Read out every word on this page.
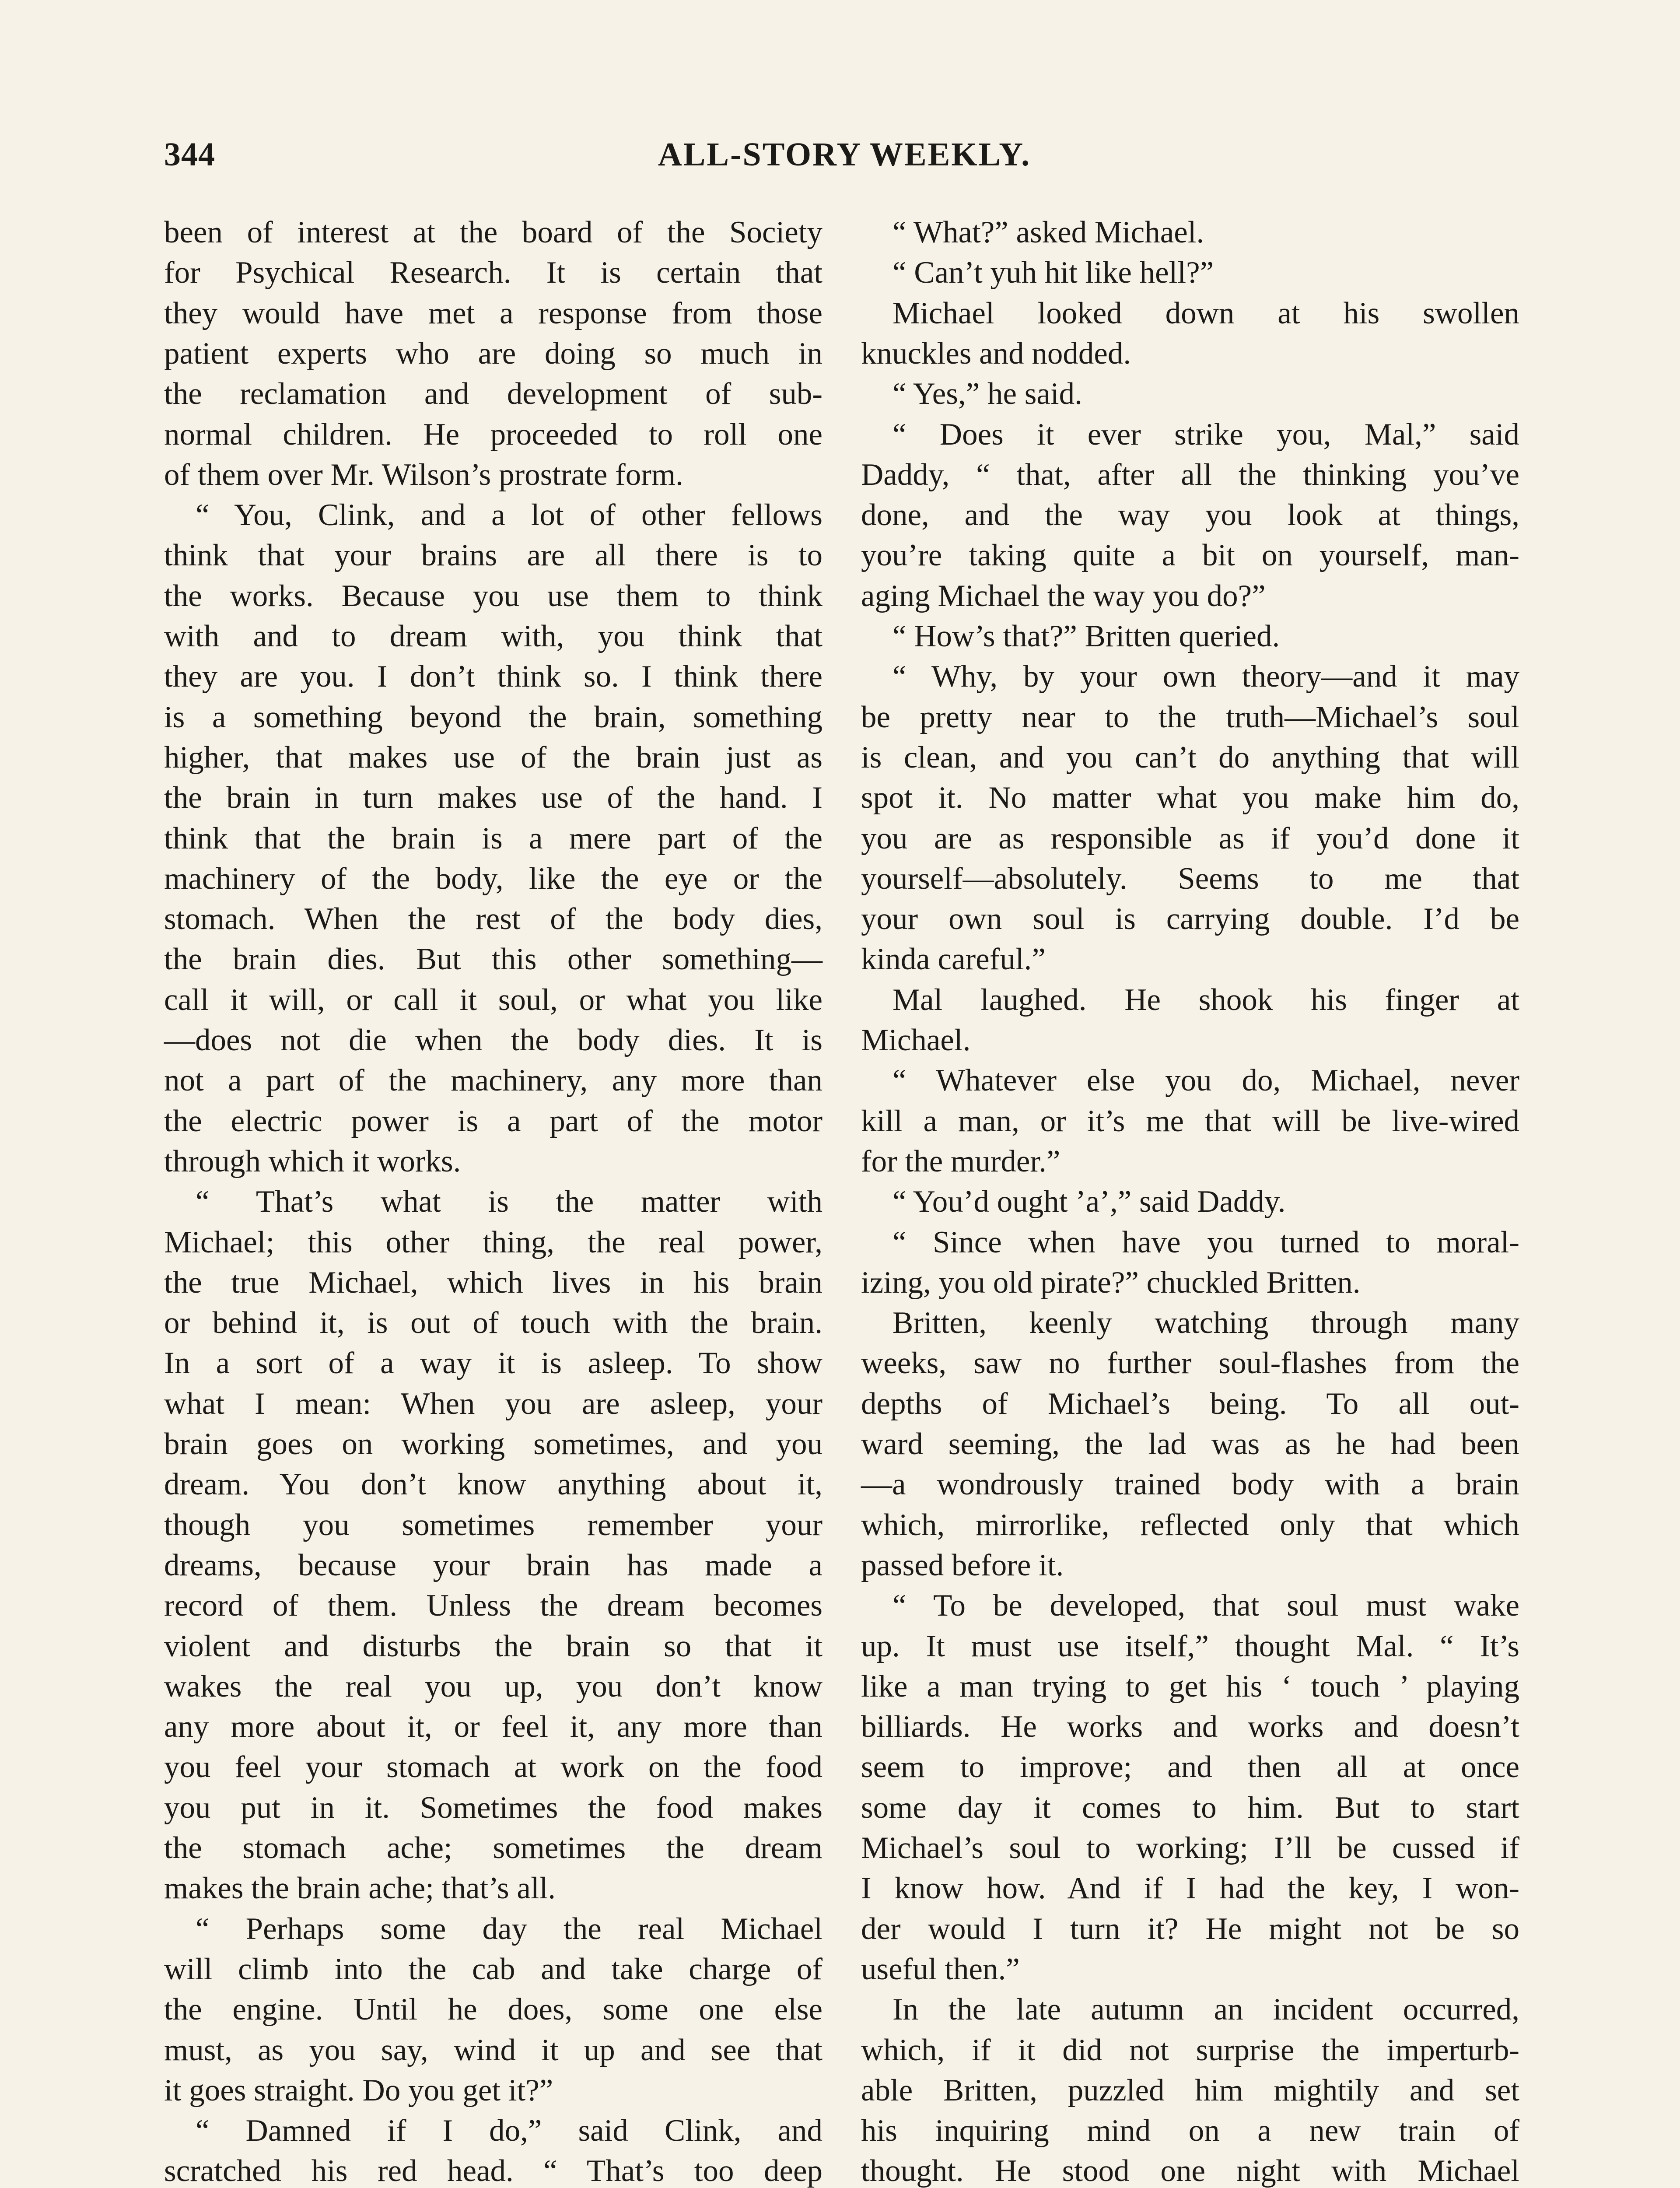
344	ALL-STORY WEEKLY.
been of interest at the board of the Society
for Psychical Research. It is certain that
they would have met a response from those
patient experts who are doing so much in
the reclamation and development of sub-
normal children. He proceeded to roll one
of them over Mr. Wilson’s prostrate form.
“ You, Clink, and a lot of other fellows
think that your brains are all there is to
the works. Because you use them to think
with and to dream with, you think that
they are you. I don’t think so. I think there
is a something beyond the brain, something
higher, that makes use of the brain just as
the brain in turn makes use of the hand. I
think that the brain is a mere part of the
machinery of the body, like the eye or the
stomach. When the rest of the body dies,
the brain dies. But this other something—
call it will, or call it soul, or what you like
—does not die when the body dies. It is
not a part of the machinery, any more than
the electric power is a part of the motor
through which it works.
“ That’s what is the matter with
Michael; this other thing, the real power,
the true Michael, which lives in his brain
or behind it, is out of touch with the brain.
In a sort of a way it is asleep. To show
what I mean: When you are asleep, your
brain goes on working sometimes, and you
dream. You don’t know anything about it,
though you sometimes remember your
dreams, because your brain has made a
record of them. Unless the dream becomes
violent and disturbs the brain so that it
wakes the real you up, you don’t know
any more about it, or feel it, any more than
you feel your stomach at work on the food
you put in it. Sometimes the food makes
the stomach ache; sometimes the dream
makes the brain ache; that’s all.
“ Perhaps some day the real Michael
will climb into the cab and take charge of
the engine. Until he does, some one else
must, as you say, wind it up and see that
it goes straight. Do you get it?”
“ Damned if I do,” said Clink, and
scratched his red head. “ That’s too deep
“ What?” asked Michael.
“ Can’t yuh hit like hell?”
Michael looked down at his swollen
knuckles and nodded.
“ Yes,” he said.
“ Does it ever strike you, Mal,” said
Daddy, “ that, after all the thinking you’ve
done, and the way you look at things,
you’re taking quite a bit on yourself, man-
aging Michael the way you do?”
“ How’s that?” Britten queried.
“ Why, by your own theory—and it may
be pretty near to the truth—Michael’s soul
is clean, and you can’t do anything that will
spot it. No matter what you make him do,
you are as responsible as if you’d done it
yourself—absolutely. Seems to me that
your own soul is carrying double. I’d be
kinda careful.”
Mal laughed. He shook his finger at
Michael.
“ Whatever else you do, Michael, never
kill a man, or it’s me that will be live-wired
for the murder.”
“ You’d ought ’a’,” said Daddy.
“ Since when have you turned to moral-
izing, you old pirate?” chuckled Britten.
Britten, keenly watching through many
weeks, saw no further soul-flashes from the
depths of Michael’s being. To all out-
ward seeming, the lad was as he had been
—a wondrously trained body with a brain
which, mirrorlike, reflected only that which
passed before it.
“ To be developed, that soul must wake
up. It must use itself,” thought Mal. “ It’s
like a man trying to get his ‘ touch ’ playing
billiards. He works and works and doesn’t
seem to improve; and then all at once
some day it comes to him. But to start
Michael’s soul to working; I’ll be cussed if
I know how. And if I had the key, I won-
der would I turn it? He might not be so
useful then.”
In the late autumn an incident occurred,
which, if it did not surprise the imperturb-
able Britten, puzzled him mightily and set
his inquiring mind on a new train of
thought. He stood one night with Michael
